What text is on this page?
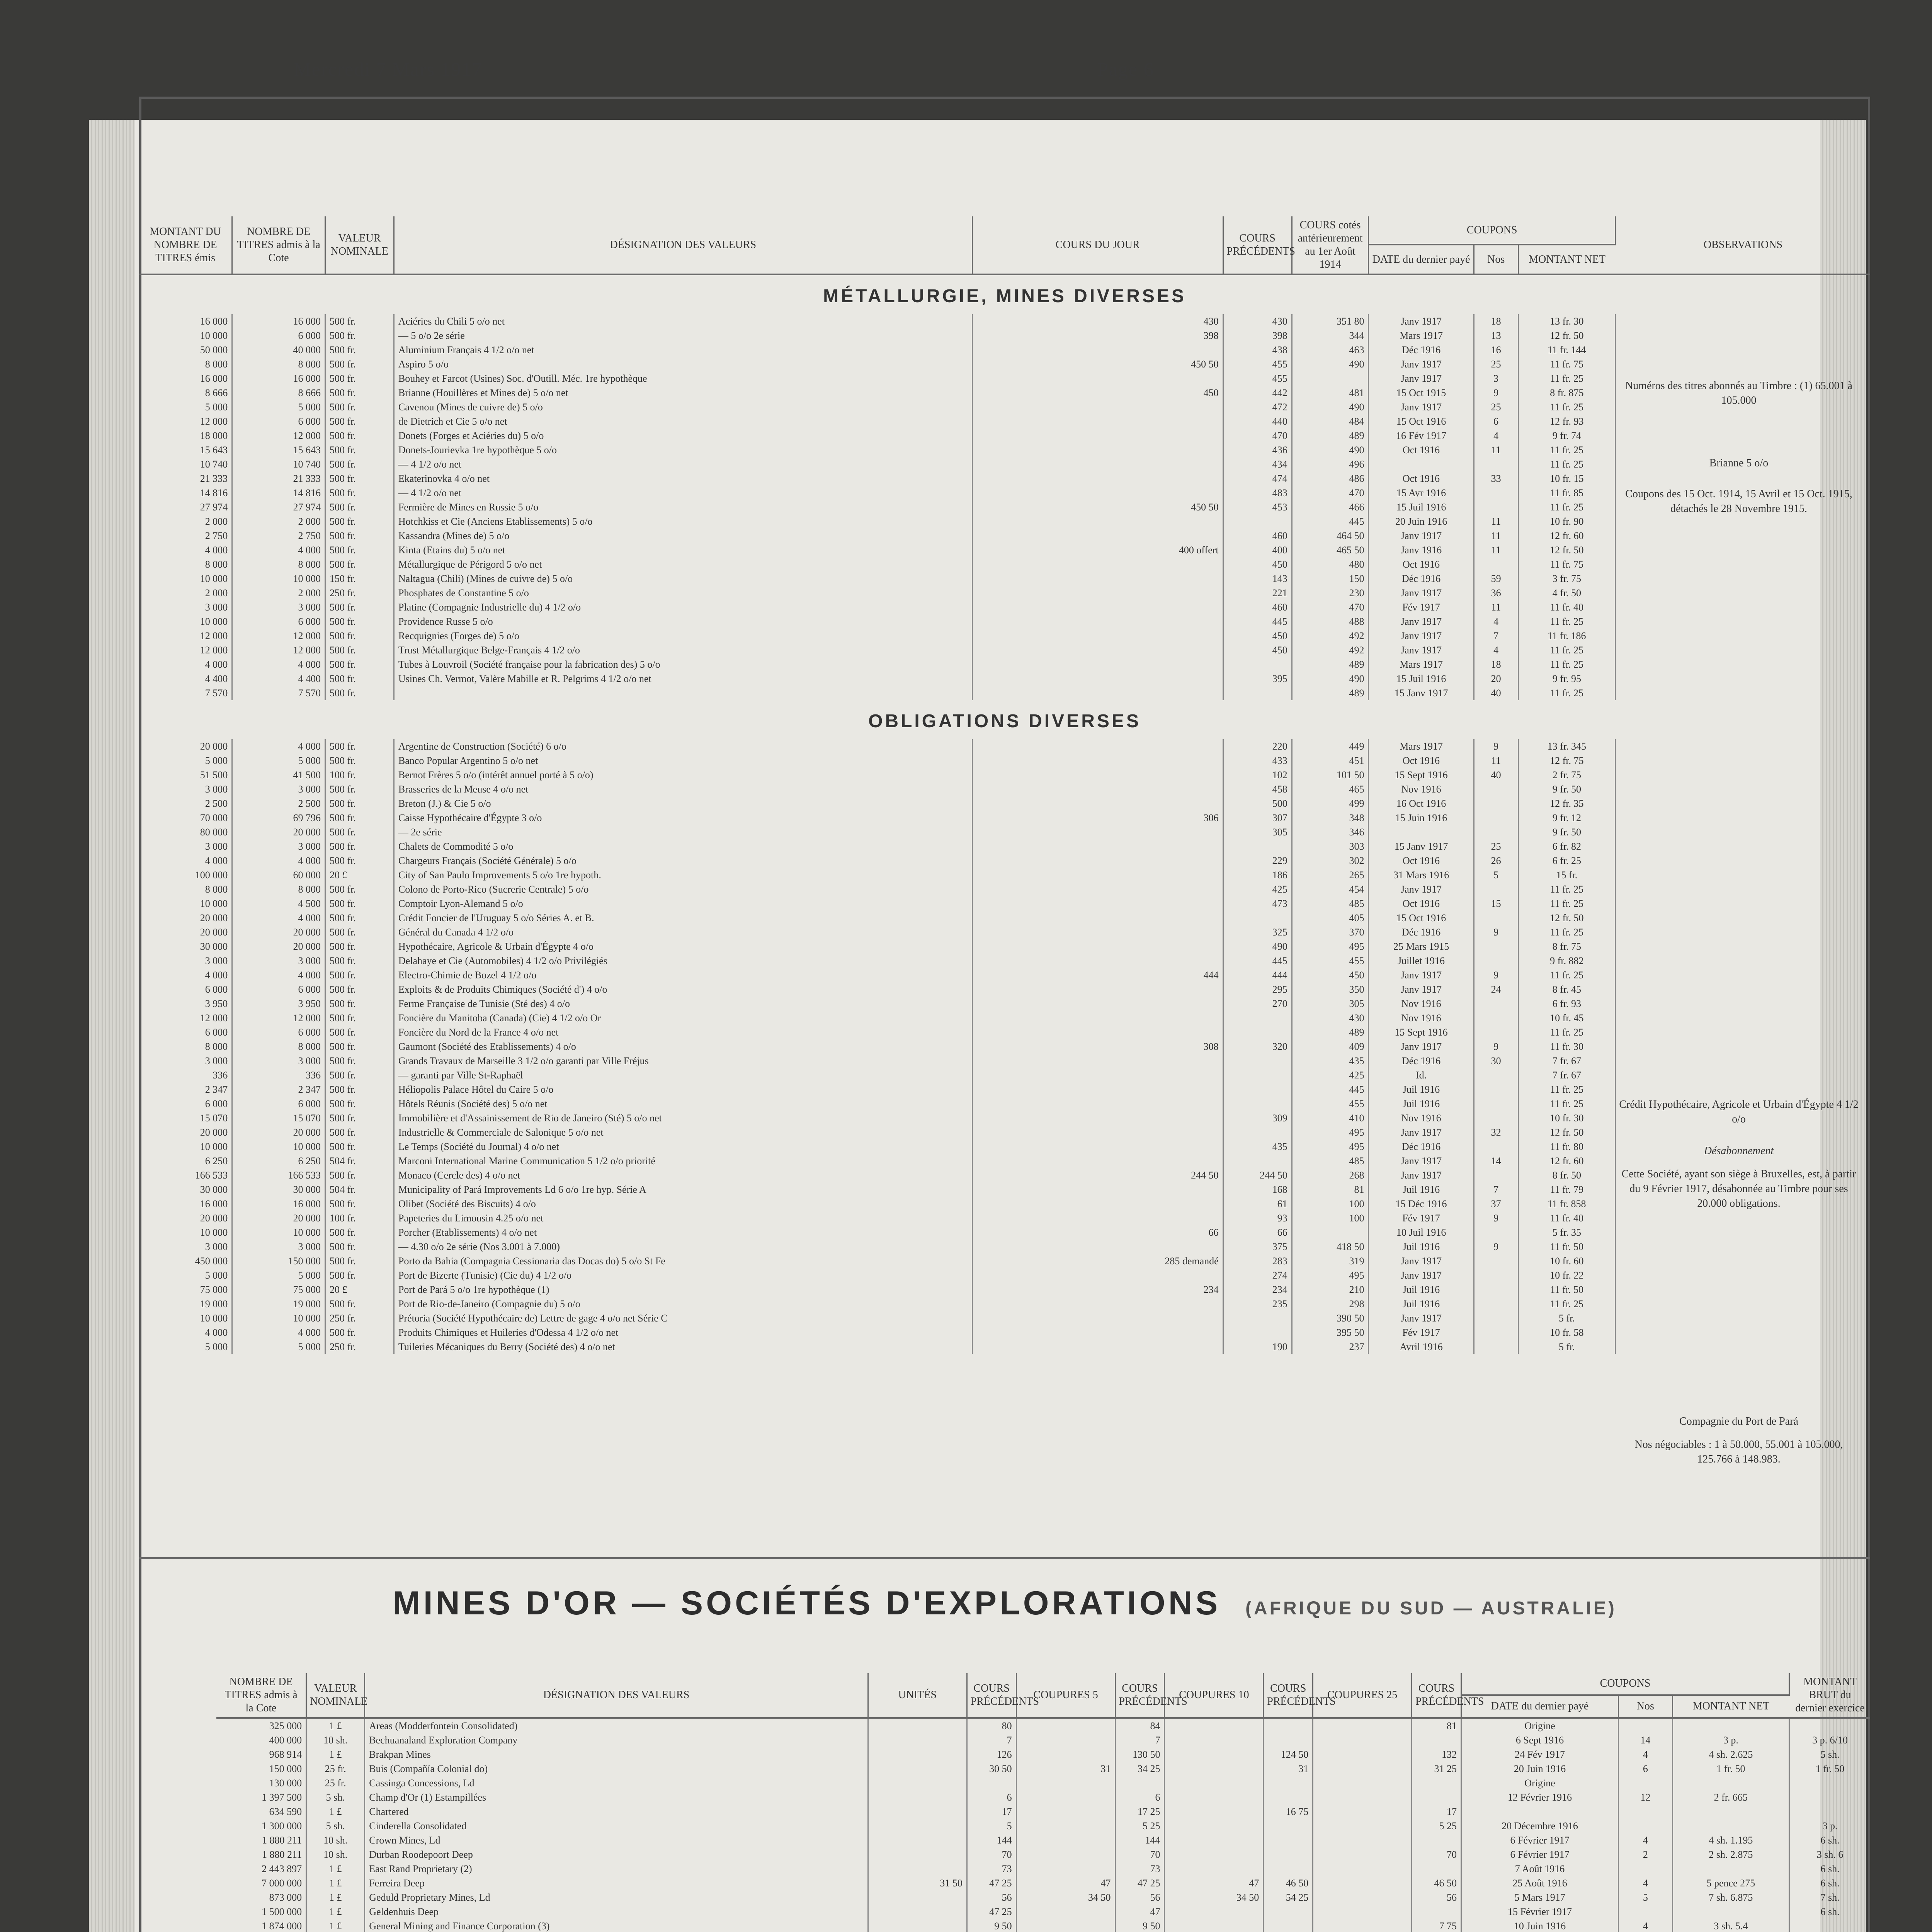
Mercredi 7 Mars 1917	Page 6
MONTANT DU NOMBRE DE TITRES émis	NOMBRE DE TITRES admis à la Cote	VALEUR NOMINALE	DÉSIGNATION DES VALEURS	COURS DU JOUR	COURS PRÉCÉDENTS	COURS cotés antérieurement au 1er Août 1914	COUPONS			OBSERVATIONS
							DATE du dernier payé	Nos	MONTANT NET	
MÉTALLURGIE, MINES DIVERSES										
16 000	16 000	500 fr.	Aciéries du Chili 5 o/o net	430	430	351 80	Janv 1917	18	13 fr. 30	
10 000	6 000	500 fr.	— 5 o/o 2e série	398	398	344	Mars 1917	13	12 fr. 50	
50 000	40 000	500 fr.	Aluminium Français 4 1/2 o/o net		438	463	Déc 1916	16	11 fr. 144	
8 000	8 000	500 fr.	Aspiro 5 o/o	450 50	455	490	Janv 1917	25	11 fr. 75	
16 000	16 000	500 fr.	Bouhey et Farcot (Usines) Soc. d'Outill. Méc. 1re hypothèque		455		Janv 1917	3	11 fr. 25	
8 666	8 666	500 fr.	Brianne (Houillères et Mines de) 5 o/o net	450	442	481	15 Oct 1915	9	8 fr. 875	
5 000	5 000	500 fr.	Cavenou (Mines de cuivre de) 5 o/o		472	490	Janv 1917	25	11 fr. 25	
12 000	6 000	500 fr.	de Dietrich et Cie 5 o/o net		440	484	15 Oct 1916	6	12 fr. 93	
18 000	12 000	500 fr.	Donets (Forges et Aciéries du) 5 o/o		470	489	16 Fév 1917	4	9 fr. 74	
15 643	15 643	500 fr.	Donets-Jourievka 1re hypothèque 5 o/o		436	490	Oct 1916	11	11 fr. 25	
10 740	10 740	500 fr.	— 4 1/2 o/o net		434	496			11 fr. 25	
21 333	21 333	500 fr.	Ekaterinovka 4 o/o net		474	486	Oct 1916	33	10 fr. 15	
14 816	14 816	500 fr.	— 4 1/2 o/o net		483	470	15 Avr 1916		11 fr. 85	
27 974	27 974	500 fr.	Fermière de Mines en Russie 5 o/o	450 50	453	466	15 Juil 1916		11 fr. 25	
2 000	2 000	500 fr.	Hotchkiss et Cie (Anciens Etablissements) 5 o/o			445	20 Juin 1916	11	10 fr. 90	
2 750	2 750	500 fr.	Kassandra (Mines de) 5 o/o		460	464 50	Janv 1917	11	12 fr. 60	
4 000	4 000	500 fr.	Kinta (Etains du) 5 o/o net	400 offert	400	465 50	Janv 1916	11	12 fr. 50	
8 000	8 000	500 fr.	Métallurgique de Périgord 5 o/o net		450	480	Oct 1916		11 fr. 75	
10 000	10 000	150 fr.	Naltagua (Chili) (Mines de cuivre de) 5 o/o		143	150	Déc 1916	59	3 fr. 75	
2 000	2 000	250 fr.	Phosphates de Constantine 5 o/o		221	230	Janv 1917	36	4 fr. 50	
3 000	3 000	500 fr.	Platine (Compagnie Industrielle du) 4 1/2 o/o		460	470	Fév 1917	11	11 fr. 40	
10 000	6 000	500 fr.	Providence Russe 5 o/o		445	488	Janv 1917	4	11 fr. 25	
12 000	12 000	500 fr.	Recquignies (Forges de) 5 o/o		450	492	Janv 1917	7	11 fr. 186	
12 000	12 000	500 fr.	Trust Métallurgique Belge-Français 4 1/2 o/o		450	492	Janv 1917	4	11 fr. 25	
4 000	4 000	500 fr.	Tubes à Louvroil (Société française pour la fabrication des) 5 o/o			489	Mars 1917	18	11 fr. 25	
4 400	4 400	500 fr.	Usines Ch. Vermot, Valère Mabille et R. Pelgrims 4 1/2 o/o net		395	490	15 Juil 1916	20	9 fr. 95	
7 570	7 570	500 fr.				489	15 Janv 1917	40	11 fr. 25	
OBLIGATIONS DIVERSES										
20 000	4 000	500 fr.	Argentine de Construction (Société) 6 o/o		220	449	Mars 1917	9	13 fr. 345	
5 000	5 000	500 fr.	Banco Popular Argentino 5 o/o net		433	451	Oct 1916	11	12 fr. 75	
51 500	41 500	100 fr.	Bernot Frères 5 o/o (intérêt annuel porté à 5 o/o)		102	101 50	15 Sept 1916	40	2 fr. 75	
3 000	3 000	500 fr.	Brasseries de la Meuse 4 o/o net		458	465	Nov 1916		9 fr. 50	
2 500	2 500	500 fr.	Breton (J.) & Cie 5 o/o		500	499	16 Oct 1916		12 fr. 35	
70 000	69 796	500 fr.	Caisse Hypothécaire d'Égypte 3 o/o	306	307	348	15 Juin 1916		9 fr. 12	
80 000	20 000	500 fr.	— 2e série		305	346			9 fr. 50	
3 000	3 000	500 fr.	Chalets de Commodité 5 o/o			303	15 Janv 1917	25	6 fr. 82	
4 000	4 000	500 fr.	Chargeurs Français (Société Générale) 5 o/o		229	302	Oct 1916	26	6 fr. 25	
100 000	60 000	20 £	City of San Paulo Improvements 5 o/o 1re hypoth.		186	265	31 Mars 1916	5	15 fr.	
8 000	8 000	500 fr.	Colono de Porto-Rico (Sucrerie Centrale) 5 o/o		425	454	Janv 1917		11 fr. 25	
10 000	4 500	500 fr.	Comptoir Lyon-Alemand 5 o/o		473	485	Oct 1916	15	11 fr. 25	
20 000	4 000	500 fr.	Crédit Foncier de l'Uruguay 5 o/o Séries A. et B.			405	15 Oct 1916		12 fr. 50	
20 000	20 000	500 fr.	Général du Canada 4 1/2 o/o		325	370	Déc 1916	9	11 fr. 25	
30 000	20 000	500 fr.	Hypothécaire, Agricole & Urbain d'Égypte 4 o/o		490	495	25 Mars 1915		8 fr. 75	
3 000	3 000	500 fr.	Delahaye et Cie (Automobiles) 4 1/2 o/o Privilégiés		445	455	Juillet 1916		9 fr. 882	
4 000	4 000	500 fr.	Electro-Chimie de Bozel 4 1/2 o/o	444	444	450	Janv 1917	9	11 fr. 25	
6 000	6 000	500 fr.	Exploits & de Produits Chimiques (Société d') 4 o/o		295	350	Janv 1917	24	8 fr. 45	
3 950	3 950	500 fr.	Ferme Française de Tunisie (Sté des) 4 o/o		270	305	Nov 1916		6 fr. 93	
12 000	12 000	500 fr.	Foncière du Manitoba (Canada) (Cie) 4 1/2 o/o Or			430	Nov 1916		10 fr. 45	
6 000	6 000	500 fr.	Foncière du Nord de la France 4 o/o net			489	15 Sept 1916		11 fr. 25	
8 000	8 000	500 fr.	Gaumont (Société des Etablissements) 4 o/o	308	320	409	Janv 1917	9	11 fr. 30	
3 000	3 000	500 fr.	Grands Travaux de Marseille 3 1/2 o/o garanti par Ville Fréjus			435	Déc 1916	30	7 fr. 67	
336	336	500 fr.	— garanti par Ville St-Raphaël			425	Id.		7 fr. 67	
2 347	2 347	500 fr.	Héliopolis Palace Hôtel du Caire 5 o/o			445	Juil 1916		11 fr. 25	
6 000	6 000	500 fr.	Hôtels Réunis (Société des) 5 o/o net			455	Juil 1916		11 fr. 25	
15 070	15 070	500 fr.	Immobilière et d'Assainissement de Rio de Janeiro (Sté) 5 o/o net		309	410	Nov 1916		10 fr. 30	
20 000	20 000	500 fr.	Industrielle & Commerciale de Salonique 5 o/o net			495	Janv 1917	32	12 fr. 50	
10 000	10 000	500 fr.	Le Temps (Société du Journal) 4 o/o net		435	495	Déc 1916		11 fr. 80	
6 250	6 250	504 fr.	Marconi International Marine Communication 5 1/2 o/o priorité			485	Janv 1917	14	12 fr. 60	
166 533	166 533	500 fr.	Monaco (Cercle des) 4 o/o net	244 50	244 50	268	Janv 1917		8 fr. 50	
30 000	30 000	504 fr.	Municipality of Pará Improvements Ld 6 o/o 1re hyp. Série A		168	81	Juil 1916	7	11 fr. 79	
16 000	16 000	500 fr.	Olibet (Société des Biscuits) 4 o/o		61	100	15 Déc 1916	37	11 fr. 858	
20 000	20 000	100 fr.	Papeteries du Limousin 4.25 o/o net		93	100	Fév 1917	9	11 fr. 40	
10 000	10 000	500 fr.	Porcher (Etablissements) 4 o/o net	66	66		10 Juil 1916		5 fr. 35	
3 000	3 000	500 fr.	— 4.30 o/o 2e série (Nos 3.001 à 7.000)		375	418 50	Juil 1916	9	11 fr. 50	
450 000	150 000	500 fr.	Porto da Bahia (Compagnia Cessionaria das Docas do) 5 o/o St Fe	285 demandé	283	319	Janv 1917		10 fr. 60	
5 000	5 000	500 fr.	Port de Bizerte (Tunisie) (Cie du) 4 1/2 o/o		274	495	Janv 1917		10 fr. 22	
75 000	75 000	20 £	Port de Pará 5 o/o 1re hypothèque (1)	234	234	210	Juil 1916		11 fr. 50	
19 000	19 000	500 fr.	Port de Rio-de-Janeiro (Compagnie du) 5 o/o		235	298	Juil 1916		11 fr. 25	
10 000	10 000	250 fr.	Prétoria (Société Hypothécaire de) Lettre de gage 4 o/o net Série C			390 50	Janv 1917		5 fr.	
4 000	4 000	500 fr.	Produits Chimiques et Huileries d'Odessa 4 1/2 o/o net			395 50	Fév 1917		10 fr. 58	
5 000	5 000	250 fr.	Tuileries Mécaniques du Berry (Société des) 4 o/o net		190	237	Avril 1916		5 fr.	
Numéros des titres abonnés au Timbre : (1) 65.001 à 105.000
Brianne 5 o/o
Coupons des 15 Oct. 1914, 15 Avril et 15 Oct. 1915, détachés le 28 Novembre 1915.
Crédit Hypothécaire, Agricole et Urbain d'Égypte 4 1/2 o/o
Désabonnement
Cette Société, ayant son siège à Bruxelles, est, à partir du 9 Février 1917, désabonnée au Timbre pour ses 20.000 obligations.
Compagnie du Port de Pará
Nos négociables : 1 à 50.000, 55.001 à 105.000, 125.766 à 148.983.
MINES D'OR — SOCIÉTÉS D'EXPLORATIONS (AFRIQUE DU SUD — AUSTRALIE)
NOMBRE DE TITRES admis à la Cote	VALEUR NOMINALE	DÉSIGNATION DES VALEURS	UNITÉS	COURS PRÉCÉDENTS	COUPURES 5	COURS PRÉCÉDENTS	COUPURES 10	COURS PRÉCÉDENTS	COUPURES 25	COURS PRÉCÉDENTS	COUPONS			MONTANT BRUT du dernier exercice
											DATE du dernier payé	Nos	MONTANT NET	
325 000	1 £	Areas (Modderfontein Consolidated)		80		84				81	Origine			
400 000	10 sh.	Bechuanaland Exploration Company		7		7					6 Sept 1916	14	3 p.	3 p. 6/10
968 914	1 £	Brakpan Mines		126		130 50		124 50		132	24 Fév 1917	4	4 sh. 2.625	5 sh.
150 000	25 fr.	Buis (Compañía Colonial do)		30 50	31	34 25		31		31 25	20 Juin 1916	6	1 fr. 50	1 fr. 50
130 000	25 fr.	Cassinga Concessions, Ld									Origine			
1 397 500	5 sh.	Champ d'Or (1) Estampillées		6		6					12 Février 1916	12	2 fr. 665	
634 590	1 £	Chartered		17		17 25		16 75		17				
1 300 000	5 sh.	Cinderella Consolidated		5		5 25				5 25	20 Décembre 1916			3 p.
1 880 211	10 sh.	Crown Mines, Ld		144		144					6 Février 1917	4	4 sh. 1.195	6 sh.
1 880 211	10 sh.	Durban Roodepoort Deep		70		70				70	6 Février 1917	2	2 sh. 2.875	3 sh. 6
2 443 897	1 £	East Rand Proprietary (2)		73		73					7 Août 1916			6 sh.
7 000 000	1 £	Ferreira Deep	31 50	47 25	47	47 25	47	46 50		46 50	25 Août 1916	4	5 pence 275	6 sh.
873 000	1 £	Geduld Proprietary Mines, Ld		56	34 50	56	34 50	54 25		56	5 Mars 1917	5	7 sh. 6.875	7 sh.
1 500 000	1 £	Geldenhuis Deep		47 25		47					15 Février 1917			6 sh.
1 874 000	1 £	General Mining and Finance Corporation (3)		9 50		9 50				7 75	10 Juin 1916	4	3 sh. 5.4	
